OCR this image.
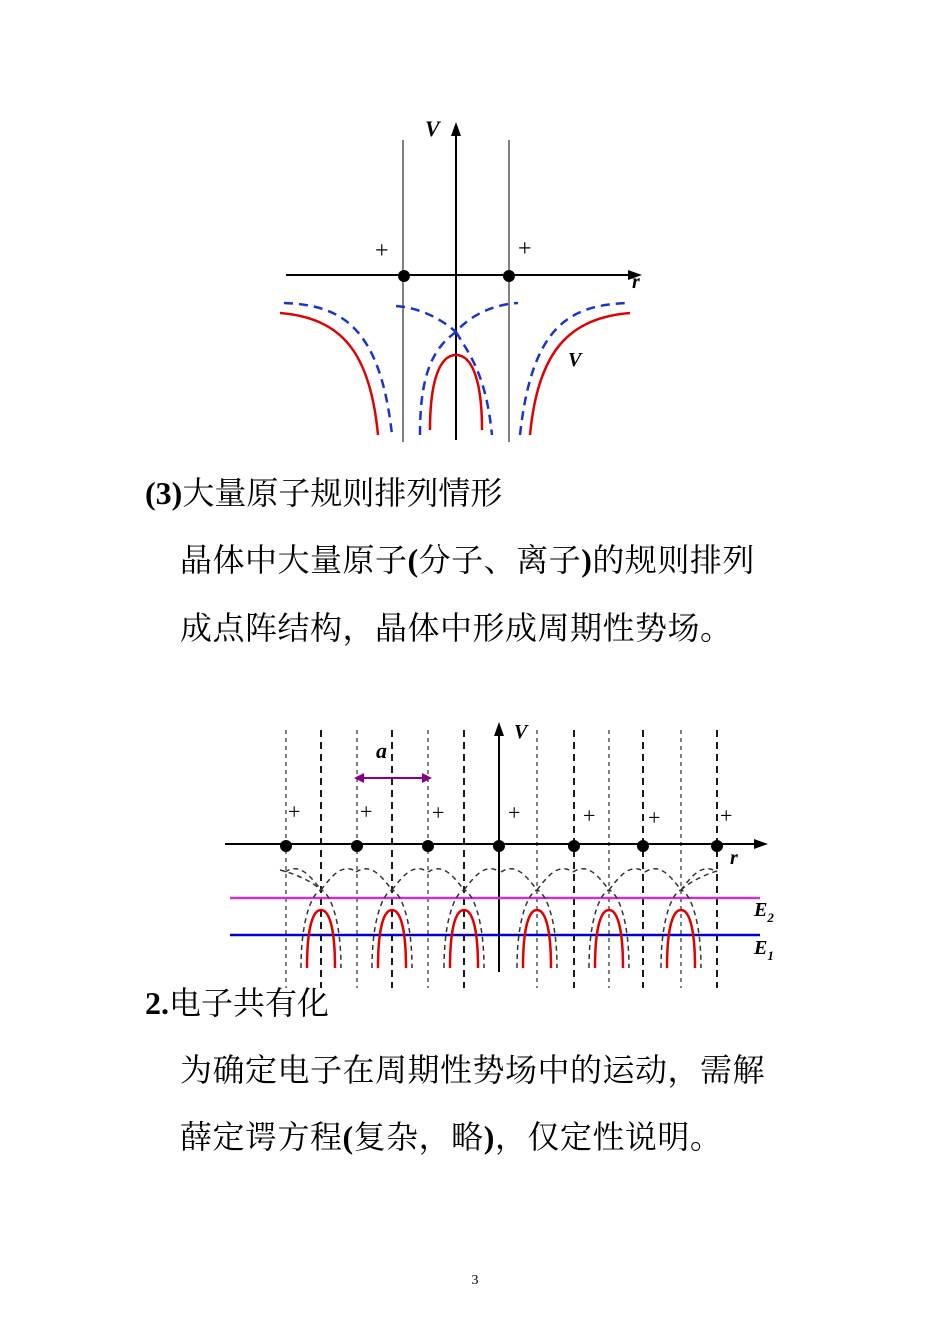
V
r
+	+
V
(3)大量原子规则排列情形
晶体中大量原子(分子、离子)的规则排列
成点阵结构，晶体中形成周期性势场。
a
V
r
+	+	+	+	+ +	+
$E_2$
$E_1$
2.电子共有化
为确定电子在周期性势场中的运动，需解
薛定谔方程(复杂，略)，仅定性说明。
3
